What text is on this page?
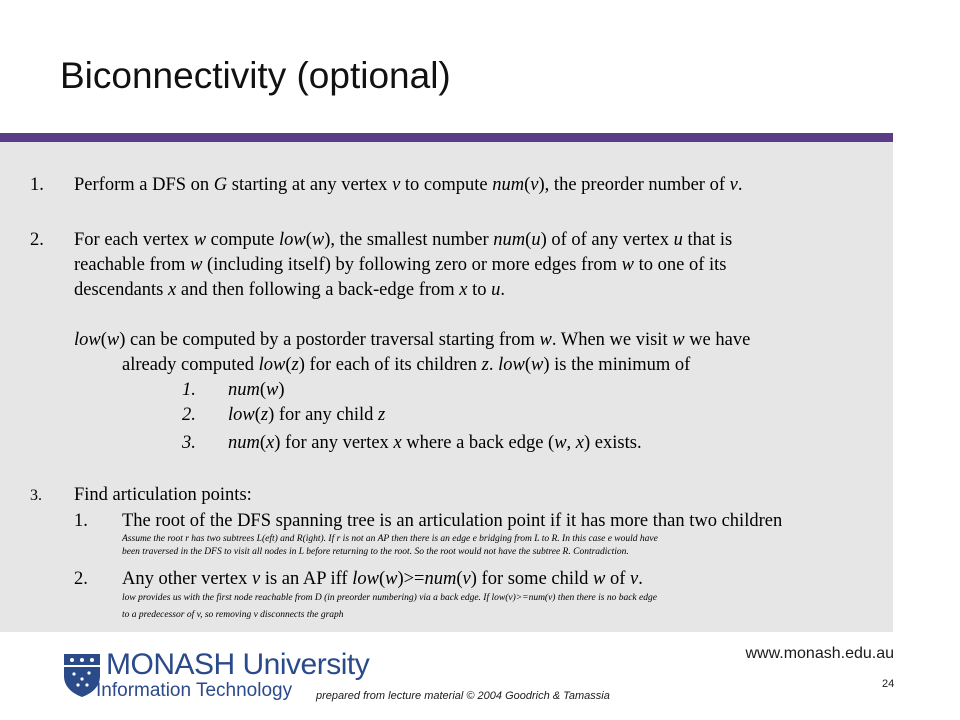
Biconnectivity (optional)
1. Perform a DFS on G starting at any vertex v to compute num(v), the preorder number of v.
2. For each vertex w compute low(w), the smallest number num(u) of of any vertex u that is
reachable from w (including itself) by following zero or more edges from w to one of its
descendants x and then following a back-edge from x to u.
low(w) can be computed by a postorder traversal starting from w. When we visit w we have
already computed low(z) for each of its children z. low(w) is the minimum of
1. num(w)
2. low(z) for any child z
3. num(x) for any vertex x where a back edge (w, x) exists.
3. Find articulation points:
1. The root of the DFS spanning tree is an articulation point if it has more than two children
Assume the root r has two subtrees L(eft) and R(ight). If r is not an AP then there is an edge e bridging from L to R. In this case e would have
been traversed in the DFS to visit all nodes in L before returning to the root. So the root would not have the subtree R. Contradiction.
2. Any other vertex v is an AP iff low(w)>=num(v) for some child w of v.
low provides us with the first node reachable from D (in preorder numbering) via a back edge. If low(v)>=num(v) then there is no back edge
to a predecessor of v, so removing v disconnects the graph
MONASH University
Information Technology
www.monash.edu.au
24
prepared from lecture material © 2004 Goodrich & Tamassia
